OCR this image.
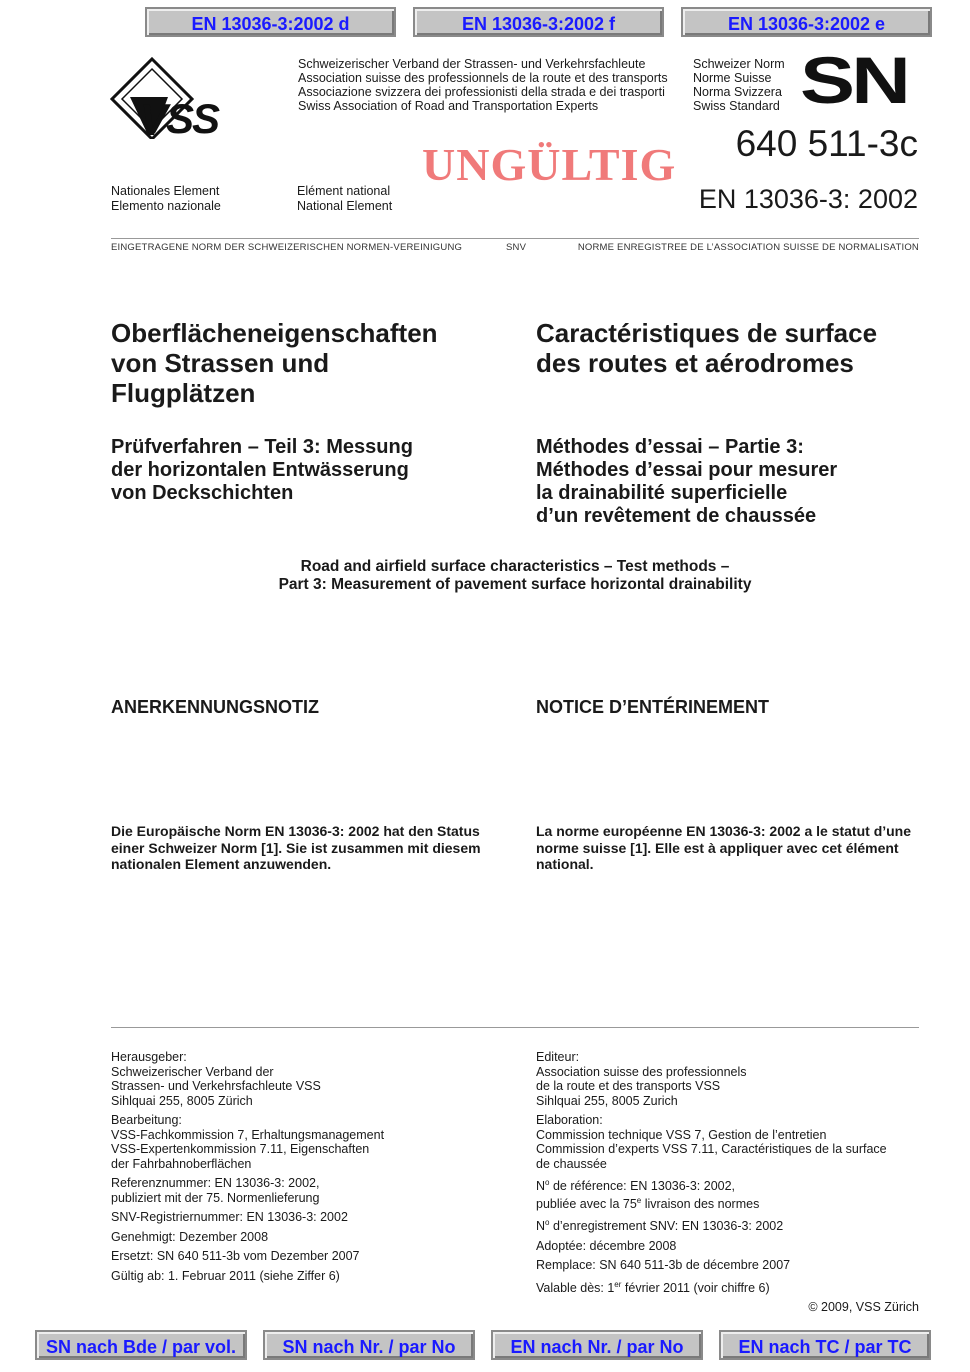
EN 13036-3:2002 d	EN 13036-3:2002 f	EN 13036-3:2002 e
VSS
Schweizerischer Verband der Strassen- und Verkehrsfachleute
Association suisse des professionnels de la route et des transports
Associazione svizzera dei professionisti della strada e dei trasporti
Swiss Association of Road and Transportation Experts
Schweizer Norm
Norme Suisse
Norma Svizzera
Swiss Standard SN
640 511-3c
EN 13036-3: 2002
UNGÜLTIG
Nationales Element
Elemento nazionale
Elément national
National Element
EINGETRAGENE NORM DER SCHWEIZERISCHEN NORMEN-VEREINIGUNG	SNV	NORME ENREGISTREE DE L’ASSOCIATION SUISSE DE NORMALISATION
Oberflächeneigenschaften
von Strassen und
Flugplätzen
Caractéristiques de surface
des routes et aérodromes
Prüfverfahren – Teil 3: Messung
der horizontalen Entwässerung
von Deckschichten
Méthodes d’essai – Partie 3:
Méthodes d’essai pour mesurer
la drainabilité superficielle
d’un revêtement de chaussée
Road and airfield surface characteristics – Test methods –
Part 3: Measurement of pavement surface horizontal drainability
ANERKENNUNGSNOTIZ	NOTICE D’ENTÉRINEMENT
Die Europäische Norm EN 13036-3: 2002 hat den Status
einer Schweizer Norm [1]. Sie ist zusammen mit diesem
nationalen Element anzuwenden.
La norme européenne EN 13036-3: 2002 a le statut d’une
norme suisse [1]. Elle est à appliquer avec cet élément
national.

Herausgeber:
Schweizerischer Verband der
Strassen- und Verkehrsfachleute VSS
Sihlquai 255, 8005 Zürich

Bearbeitung:
VSS-Fachkommission 7, Erhaltungsmanagement
VSS-Expertenkommission 7.11, Eigenschaften
der Fahrbahnoberflächen

Referenznummer: EN 13036-3: 2002,
publiziert mit der 75. Normenlieferung

SNV-Registriernummer: EN 13036-3: 2002

Genehmigt: Dezember 2008

Ersetzt: SN 640 511-3b vom Dezember 2007

Gültig ab: 1. Februar 2011 (siehe Ziffer 6)

Editeur:
Association suisse des professionnels
de la route et des transports VSS
Sihlquai 255, 8005 Zurich

Elaboration:
Commission technique VSS 7, Gestion de l’entretien
Commission d’experts VSS 7.11, Caractéristiques de la surface
de chaussée

$N^o$ de référence: EN 13036-3: 2002,
publiée avec la 75e livraison des normes

$N^o$ d’enregistrement SNV: EN 13036-3: 2002

Adoptée: décembre 2008

Remplace: SN 640 511-3b de décembre 2007

Valable dès: 1er février 2011 (voir chiffre 6)

© 2009, VSS Zürich
SN nach Bde / par vol.	SN nach Nr. / par No	EN nach Nr. / par No	EN nach TC / par TC
